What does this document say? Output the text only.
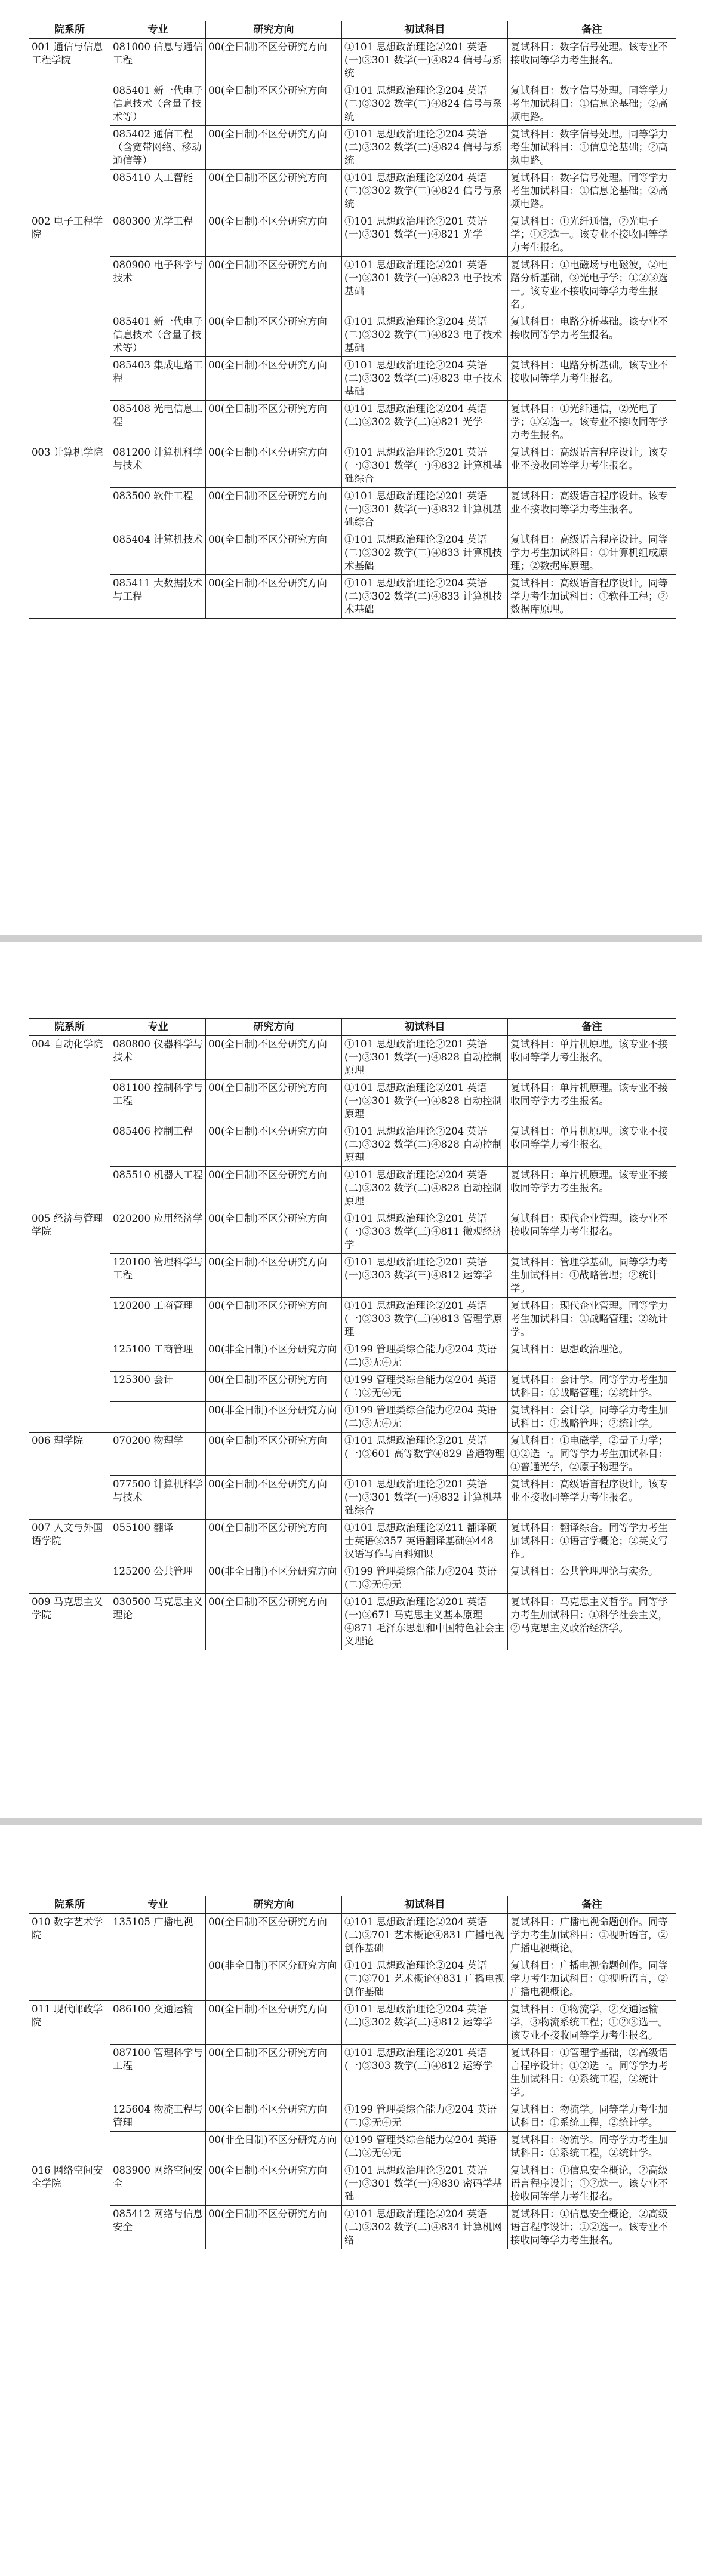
院系所	专业	研究方向	初试科目	备注
001 通信与信息工程学院	081000 信息与通信工程	00(全日制)不区分研究方向	①101 思想政治理论②201 英语(一)③301 数学(一)④824 信号与系统	复试科目：数字信号处理。该专业不接收同等学力考生报名。
	085401 新一代电子信息技术（含量子技术等）	00(全日制)不区分研究方向	①101 思想政治理论②204 英语(二)③302 数学(二)④824 信号与系统	复试科目：数字信号处理。同等学力考生加试科目：①信息论基础；②高频电路。
	085402 通信工程（含宽带网络、移动通信等）	00(全日制)不区分研究方向	①101 思想政治理论②204 英语(二)③302 数学(二)④824 信号与系统	复试科目：数字信号处理。同等学力考生加试科目：①信息论基础；②高频电路。
	085410 人工智能	00(全日制)不区分研究方向	①101 思想政治理论②204 英语(二)③302 数学(二)④824 信号与系统	复试科目：数字信号处理。同等学力考生加试科目：①信息论基础；②高频电路。
002 电子工程学院	080300 光学工程	00(全日制)不区分研究方向	①101 思想政治理论②201 英语(一)③301 数学(一)④821 光学	复试科目：①光纤通信，②光电子学；①②选一。该专业不接收同等学力考生报名。
	080900 电子科学与技术	00(全日制)不区分研究方向	①101 思想政治理论②201 英语(一)③301 数学(一)④823 电子技术基础	复试科目：①电磁场与电磁波，②电路分析基础，③光电子学；①②③选一。该专业不接收同等学力考生报名。
	085401 新一代电子信息技术（含量子技术等）	00(全日制)不区分研究方向	①101 思想政治理论②204 英语(二)③302 数学(二)④823 电子技术基础	复试科目：电路分析基础。该专业不接收同等学力考生报名。
	085403 集成电路工程	00(全日制)不区分研究方向	①101 思想政治理论②204 英语(二)③302 数学(二)④823 电子技术基础	复试科目：电路分析基础。该专业不接收同等学力考生报名。
	085408 光电信息工程	00(全日制)不区分研究方向	①101 思想政治理论②204 英语(二)③302 数学(二)④821 光学	复试科目：①光纤通信，②光电子学；①②选一。该专业不接收同等学力考生报名。
003 计算机学院	081200 计算机科学与技术	00(全日制)不区分研究方向	①101 思想政治理论②201 英语(一)③301 数学(一)④832 计算机基础综合	复试科目：高级语言程序设计。该专业不接收同等学力考生报名。
	083500 软件工程	00(全日制)不区分研究方向	①101 思想政治理论②201 英语(一)③301 数学(一)④832 计算机基础综合	复试科目：高级语言程序设计。该专业不接收同等学力考生报名。
	085404 计算机技术	00(全日制)不区分研究方向	①101 思想政治理论②204 英语(二)③302 数学(二)④833 计算机技术基础	复试科目：高级语言程序设计。同等学力考生加试科目：①计算机组成原理；②数据库原理。
	085411 大数据技术与工程	00(全日制)不区分研究方向	①101 思想政治理论②204 英语(二)③302 数学(二)④833 计算机技术基础	复试科目：高级语言程序设计。同等学力考生加试科目：①软件工程；②数据库原理。
院系所	专业	研究方向	初试科目	备注
004 自动化学院	080800 仪器科学与技术	00(全日制)不区分研究方向	①101 思想政治理论②201 英语(一)③301 数学(一)④828 自动控制原理	复试科目：单片机原理。该专业不接收同等学力考生报名。
	081100 控制科学与工程	00(全日制)不区分研究方向	①101 思想政治理论②201 英语(一)③301 数学(一)④828 自动控制原理	复试科目：单片机原理。该专业不接收同等学力考生报名。
	085406 控制工程	00(全日制)不区分研究方向	①101 思想政治理论②204 英语(二)③302 数学(二)④828 自动控制原理	复试科目：单片机原理。该专业不接收同等学力考生报名。
	085510 机器人工程	00(全日制)不区分研究方向	①101 思想政治理论②204 英语(二)③302 数学(二)④828 自动控制原理	复试科目：单片机原理。该专业不接收同等学力考生报名。
005 经济与管理学院	020200 应用经济学	00(全日制)不区分研究方向	①101 思想政治理论②201 英语(一)③303 数学(三)④811 微观经济学	复试科目：现代企业管理。该专业不接收同等学力考生报名。
	120100 管理科学与工程	00(全日制)不区分研究方向	①101 思想政治理论②201 英语(一)③303 数学(三)④812 运筹学	复试科目：管理学基础。同等学力考生加试科目：①战略管理；②统计学。
	120200 工商管理	00(全日制)不区分研究方向	①101 思想政治理论②201 英语(一)③303 数学(三)④813 管理学原理	复试科目：现代企业管理。同等学力考生加试科目：①战略管理；②统计学。
	125100 工商管理	00(非全日制)不区分研究方向	①199 管理类综合能力②204 英语(二)③无④无	复试科目：思想政治理论。
	125300 会计	00(全日制)不区分研究方向	①199 管理类综合能力②204 英语(二)③无④无	复试科目：会计学。同等学力考生加试科目：①战略管理；②统计学。
		00(非全日制)不区分研究方向	①199 管理类综合能力②204 英语(二)③无④无	复试科目：会计学。同等学力考生加试科目：①战略管理；②统计学。
006 理学院	070200 物理学	00(全日制)不区分研究方向	①101 思想政治理论②201 英语(一)③601 高等数学④829 普通物理	复试科目：①电磁学，②量子力学；①②选一。同等学力考生加试科目：①普通光学，②原子物理学。
	077500 计算机科学与技术	00(全日制)不区分研究方向	①101 思想政治理论②201 英语(一)③301 数学(一)④832 计算机基础综合	复试科目：高级语言程序设计。该专业不接收同等学力考生报名。
007 人文与外国语学院	055100 翻译	00(全日制)不区分研究方向	①101 思想政治理论②211 翻译硕士英语③357 英语翻译基础④448 汉语写作与百科知识	复试科目：翻译综合。同等学力考生加试科目：①语言学概论；②英文写作。
	125200 公共管理	00(非全日制)不区分研究方向	①199 管理类综合能力②204 英语(二)③无④无	复试科目：公共管理理论与实务。
009 马克思主义学院	030500 马克思主义理论	00(全日制)不区分研究方向	①101 思想政治理论②201 英语(一)③671 马克思主义基本原理④871 毛泽东思想和中国特色社会主义理论	复试科目：马克思主义哲学。同等学力考生加试科目：①科学社会主义，②马克思主义政治经济学。
院系所	专业	研究方向	初试科目	备注
010 数字艺术学院	135105 广播电视	00(全日制)不区分研究方向	①101 思想政治理论②204 英语(二)③701 艺术概论④831 广播电视创作基础	复试科目：广播电视命题创作。同等学力考生加试科目：①视听语言，②广播电视概论。
		00(非全日制)不区分研究方向	①101 思想政治理论②204 英语(二)③701 艺术概论④831 广播电视创作基础	复试科目：广播电视命题创作。同等学力考生加试科目：①视听语言，②广播电视概论。
011 现代邮政学院	086100 交通运输	00(全日制)不区分研究方向	①101 思想政治理论②204 英语(二)③302 数学(二)④812 运筹学	复试科目：①物流学，②交通运输学，③物流系统工程；①②③选一。该专业不接收同等学力考生报名。
	087100 管理科学与工程	00(全日制)不区分研究方向	①101 思想政治理论②201 英语(一)③303 数学(三)④812 运筹学	复试科目：①管理学基础，②高级语言程序设计；①②选一。同等学力考生加试科目：①系统工程，②统计学。
	125604 物流工程与管理	00(全日制)不区分研究方向	①199 管理类综合能力②204 英语(二)③无④无	复试科目：物流学。同等学力考生加试科目：①系统工程，②统计学。
		00(非全日制)不区分研究方向	①199 管理类综合能力②204 英语(二)③无④无	复试科目：物流学。同等学力考生加试科目：①系统工程，②统计学。
016 网络空间安全学院	083900 网络空间安全	00(全日制)不区分研究方向	①101 思想政治理论②201 英语(一)③301 数学(一)④830 密码学基础	复试科目：①信息安全概论，②高级语言程序设计；①②选一。该专业不接收同等学力考生报名。
	085412 网络与信息安全	00(全日制)不区分研究方向	①101 思想政治理论②204 英语(二)③302 数学(二)④834 计算机网络	复试科目：①信息安全概论，②高级语言程序设计；①②选一。该专业不接收同等学力考生报名。
